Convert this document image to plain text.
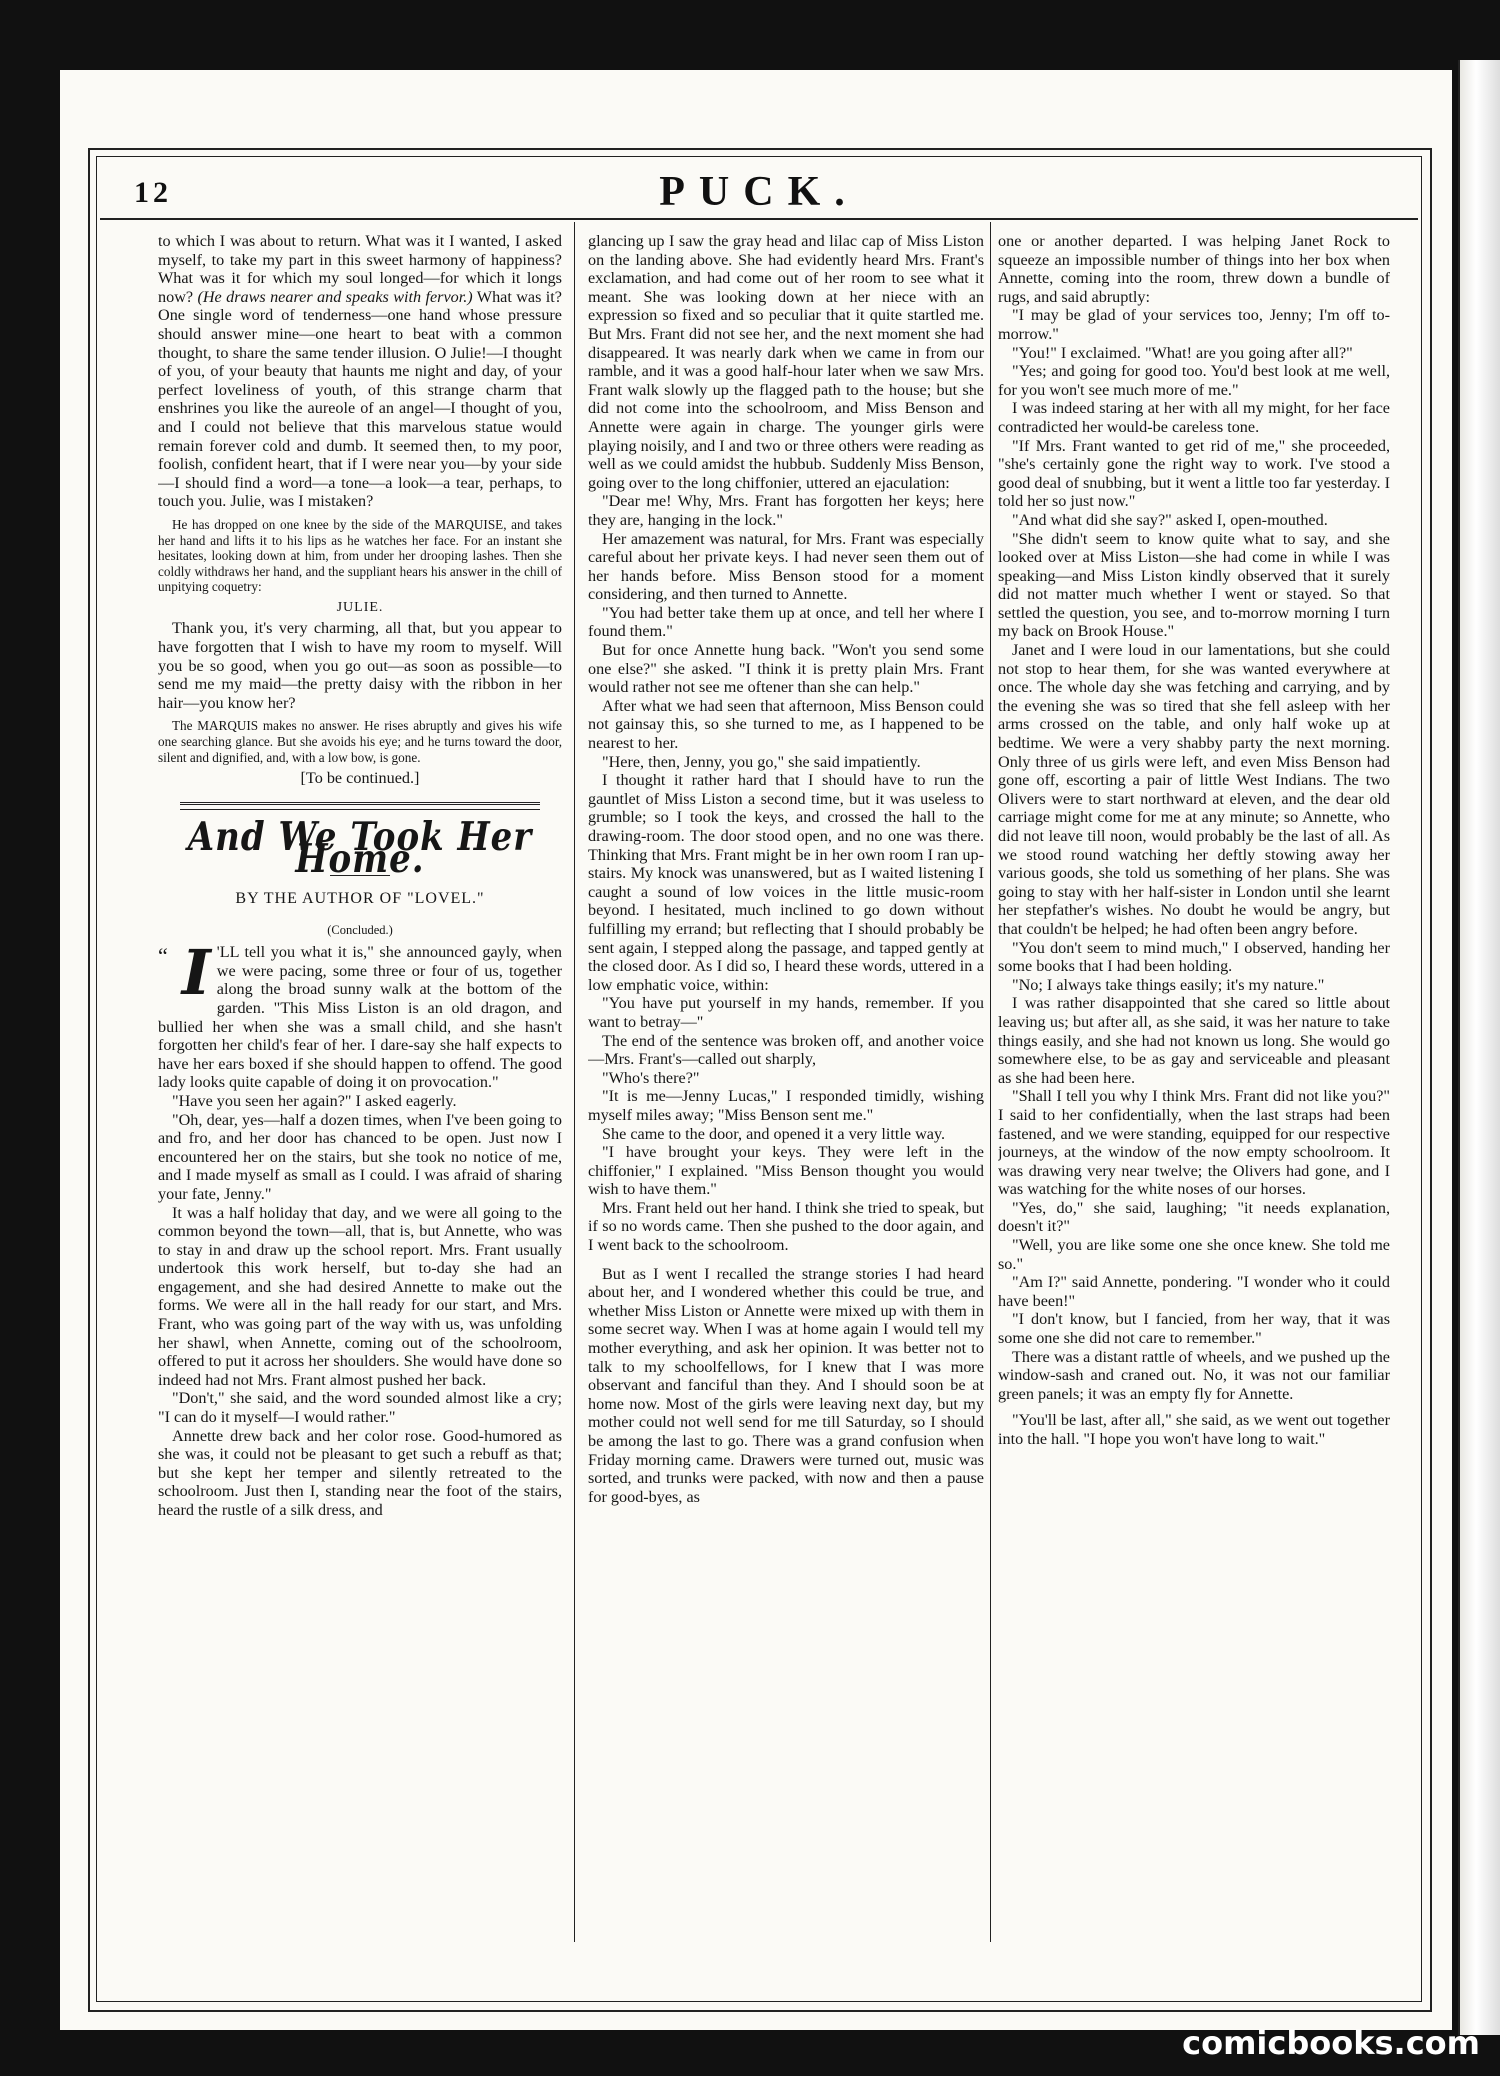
12	PUCK.

to which I was about to return. What was it I wanted, I asked myself, to take my part in this sweet harmony of happiness? What was it for which my soul longed—for which it longs now? (He draws nearer and speaks with fervor.) What was it? One single word of tenderness—one hand whose pressure should answer mine—one heart to beat with a common thought, to share the same tender illusion. O Julie!—I thought of you, of your beauty that haunts me night and day, of your perfect loveliness of youth, of this strange charm that enshrines you like the aureole of an angel—I thought of you, and I could not believe that this marvelous statue would remain forever cold and dumb. It seemed then, to my poor, foolish, confident heart, that if I were near you—by your side—I should find a word—a tone—a look—a tear, perhaps, to touch you. Julie, was I mistaken?

He has dropped on one knee by the side of the MARQUISE, and takes her hand and lifts it to his lips as he watches her face. For an instant she hesitates, looking down at him, from under her drooping lashes. Then she coldly withdraws her hand, and the suppliant hears his answer in the chill of unpitying coquetry:

JULIE.

Thank you, it's very charming, all that, but you appear to have forgotten that I wish to have my room to myself. Will you be so good, when you go out—as soon as possible—to send me my maid—the pretty daisy with the ribbon in her hair—you know her?

The MARQUIS makes no answer. He rises abruptly and gives his wife one searching glance. But she avoids his eye; and he turns toward the door, silent and dignified, and, with a low bow, is gone.

[To be continued.]

And We Took Her Home.
BY THE AUTHOR OF "LOVEL."
(Concluded.)

“ I 'LL tell you what it is," she announced gayly, when we were pacing, some three or four of us, together along the broad sunny walk at the bottom of the garden. "This Miss Liston is an old dragon, and bullied her when she was a small child, and she hasn't forgotten her child's fear of her. I dare-say she half expects to have her ears boxed if she should happen to offend. The good lady looks quite capable of doing it on provocation."

"Have you seen her again?" I asked eagerly.

"Oh, dear, yes—half a dozen times, when I've been going to and fro, and her door has chanced to be open. Just now I encountered her on the stairs, but she took no notice of me, and I made myself as small as I could. I was afraid of sharing your fate, Jenny."

It was a half holiday that day, and we were all going to the common beyond the town—all, that is, but Annette, who was to stay in and draw up the school report. Mrs. Frant usually undertook this work herself, but to-day she had an engagement, and she had desired Annette to make out the forms. We were all in the hall ready for our start, and Mrs. Frant, who was going part of the way with us, was unfolding her shawl, when Annette, coming out of the schoolroom, offered to put it across her shoulders. She would have done so indeed had not Mrs. Frant almost pushed her back.

"Don't," she said, and the word sounded almost like a cry; "I can do it myself—I would rather."

Annette drew back and her color rose. Good-humored as she was, it could not be pleasant to get such a rebuff as that; but she kept her temper and silently retreated to the schoolroom. Just then I, standing near the foot of the stairs, heard the rustle of a silk dress, and

glancing up I saw the gray head and lilac cap of Miss Liston on the landing above. She had evidently heard Mrs. Frant's exclamation, and had come out of her room to see what it meant. She was looking down at her niece with an expression so fixed and so peculiar that it quite startled me. But Mrs. Frant did not see her, and the next moment she had disappeared. It was nearly dark when we came in from our ramble, and it was a good half-hour later when we saw Mrs. Frant walk slowly up the flagged path to the house; but she did not come into the schoolroom, and Miss Benson and Annette were again in charge. The younger girls were playing noisily, and I and two or three others were reading as well as we could amidst the hubbub. Suddenly Miss Benson, going over to the long chiffonier, uttered an ejaculation:

"Dear me! Why, Mrs. Frant has forgotten her keys; here they are, hanging in the lock."

Her amazement was natural, for Mrs. Frant was especially careful about her private keys. I had never seen them out of her hands before. Miss Benson stood for a moment considering, and then turned to Annette.

"You had better take them up at once, and tell her where I found them."

But for once Annette hung back. "Won't you send some one else?" she asked. "I think it is pretty plain Mrs. Frant would rather not see me oftener than she can help."

After what we had seen that afternoon, Miss Benson could not gainsay this, so she turned to me, as I happened to be nearest to her.

"Here, then, Jenny, you go," she said impatiently.

I thought it rather hard that I should have to run the gauntlet of Miss Liston a second time, but it was useless to grumble; so I took the keys, and crossed the hall to the drawing-room. The door stood open, and no one was there. Thinking that Mrs. Frant might be in her own room I ran up-stairs. My knock was unanswered, but as I waited listening I caught a sound of low voices in the little music-room beyond. I hesitated, much inclined to go down without fulfilling my errand; but reflecting that I should probably be sent again, I stepped along the passage, and tapped gently at the closed door. As I did so, I heard these words, uttered in a low emphatic voice, within:

"You have put yourself in my hands, remember. If you want to betray—"

The end of the sentence was broken off, and another voice—Mrs. Frant's—called out sharply,

"Who's there?"

"It is me—Jenny Lucas," I responded timidly, wishing myself miles away; "Miss Benson sent me."

She came to the door, and opened it a very little way.

"I have brought your keys. They were left in the chiffonier," I explained. "Miss Benson thought you would wish to have them."

Mrs. Frant held out her hand. I think she tried to speak, but if so no words came. Then she pushed to the door again, and I went back to the schoolroom.

But as I went I recalled the strange stories I had heard about her, and I wondered whether this could be true, and whether Miss Liston or Annette were mixed up with them in some secret way. When I was at home again I would tell my mother everything, and ask her opinion. It was better not to talk to my schoolfellows, for I knew that I was more observant and fanciful than they. And I should soon be at home now. Most of the girls were leaving next day, but my mother could not well send for me till Saturday, so I should be among the last to go. There was a grand confusion when Friday morning came. Drawers were turned out, music was sorted, and trunks were packed, with now and then a pause for good-byes, as

one or another departed. I was helping Janet Rock to squeeze an impossible number of things into her box when Annette, coming into the room, threw down a bundle of rugs, and said abruptly:

"I may be glad of your services too, Jenny; I'm off to-morrow."

"You!" I exclaimed. "What! are you going after all?"

"Yes; and going for good too. You'd best look at me well, for you won't see much more of me."

I was indeed staring at her with all my might, for her face contradicted her would-be careless tone.

"If Mrs. Frant wanted to get rid of me," she proceeded, "she's certainly gone the right way to work. I've stood a good deal of snubbing, but it went a little too far yesterday. I told her so just now."

"And what did she say?" asked I, open-mouthed.

"She didn't seem to know quite what to say, and she looked over at Miss Liston—she had come in while I was speaking—and Miss Liston kindly observed that it surely did not matter much whether I went or stayed. So that settled the question, you see, and to-morrow morning I turn my back on Brook House."

Janet and I were loud in our lamentations, but she could not stop to hear them, for she was wanted everywhere at once. The whole day she was fetching and carrying, and by the evening she was so tired that she fell asleep with her arms crossed on the table, and only half woke up at bedtime. We were a very shabby party the next morning. Only three of us girls were left, and even Miss Benson had gone off, escorting a pair of little West Indians. The two Olivers were to start northward at eleven, and the dear old carriage might come for me at any minute; so Annette, who did not leave till noon, would probably be the last of all. As we stood round watching her deftly stowing away her various goods, she told us something of her plans. She was going to stay with her half-sister in London until she learnt her stepfather's wishes. No doubt he would be angry, but that couldn't be helped; he had often been angry before.

"You don't seem to mind much," I observed, handing her some books that I had been holding.

"No; I always take things easily; it's my nature."

I was rather disappointed that she cared so little about leaving us; but after all, as she said, it was her nature to take things easily, and she had not known us long. She would go somewhere else, to be as gay and serviceable and pleasant as she had been here.

"Shall I tell you why I think Mrs. Frant did not like you?" I said to her confidentially, when the last straps had been fastened, and we were standing, equipped for our respective journeys, at the window of the now empty schoolroom. It was drawing very near twelve; the Olivers had gone, and I was watching for the white noses of our horses.

"Yes, do," she said, laughing; "it needs explanation, doesn't it?"

"Well, you are like some one she once knew. She told me so."

"Am I?" said Annette, pondering. "I wonder who it could have been!"

"I don't know, but I fancied, from her way, that it was some one she did not care to remember."

There was a distant rattle of wheels, and we pushed up the window-sash and craned out. No, it was not our familiar green panels; it was an empty fly for Annette.

"You'll be last, after all," she said, as we went out together into the hall. "I hope you won't have long to wait."

comicbooks.com
